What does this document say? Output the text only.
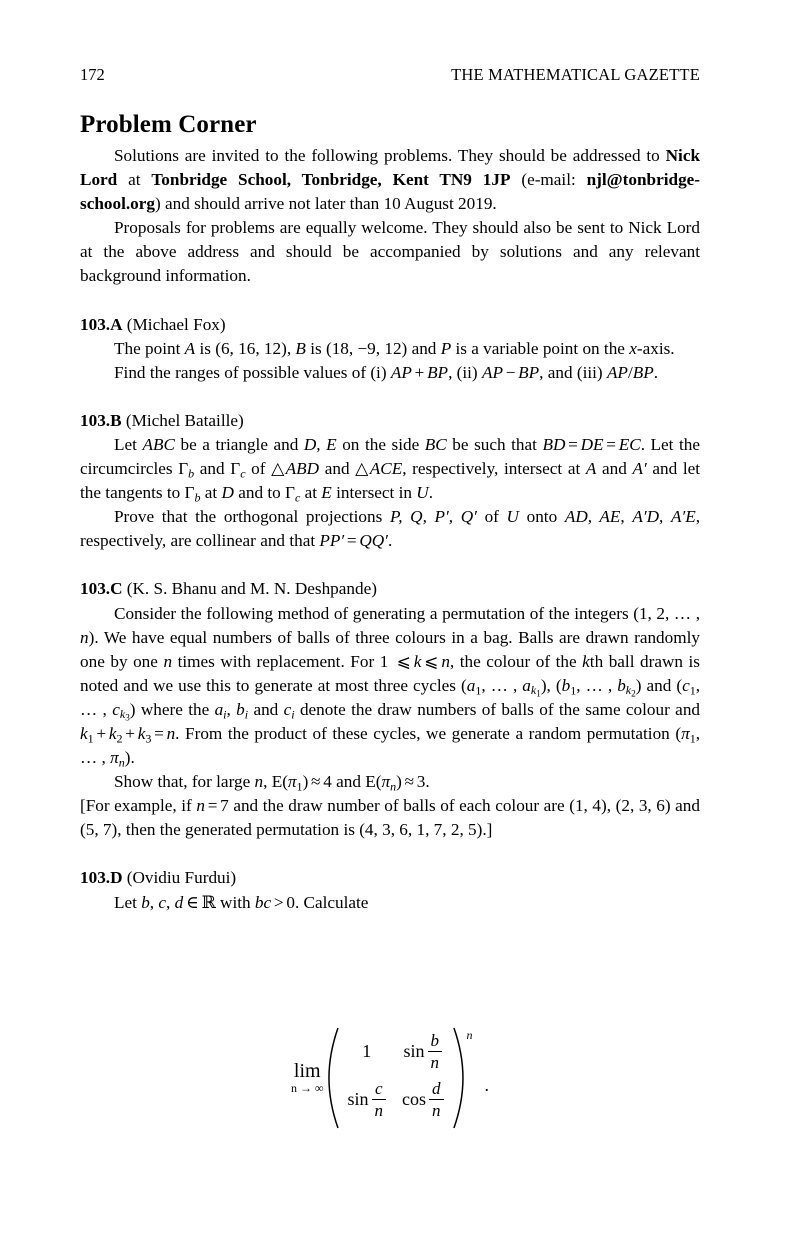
172	THE MATHEMATICAL GAZETTE
Problem Corner

Solutions are invited to the following problems. They should be addressed to Nick Lord at Tonbridge School, Tonbridge, Kent TN9 1JP (e-mail: njl@tonbridge-school.org) and should arrive not later than 10 August 2019.

Proposals for problems are equally welcome. They should also be sent to Nick Lord at the above address and should be accompanied by solutions and any relevant background information.

103.A (Michael Fox)

The point A is (6, 16, 12), B is (18, −9, 12) and P is a variable point on the x-axis.

Find the ranges of possible values of (i) AP + BP, (ii) AP − BP, and (iii) AP/BP.

103.B (Michel Bataille)

Let ABC be a triangle and D, E on the side BC be such that BD = DE = EC. Let the circumcircles $\Gamma_b$ and $\Gamma_c$ of △ABD and △ACE, respectively, intersect at A and A′ and let the tangents to $\Gamma_b$ at D and to $\Gamma_c$ at E intersect in U.

Prove that the orthogonal projections P, Q, P′, Q′ of U onto AD, AE, A′D, A′E, respectively, are collinear and that PP′ = QQ′.

103.C (K. S. Bhanu and M. N. Deshpande)

Consider the following method of generating a permutation of the integers (1, 2, … , n). We have equal numbers of balls of three colours in a bag. Balls are drawn randomly one by one n times with replacement. For 1 ⩽ k ⩽ n, the colour of the kth ball drawn is noted and we use this to generate at most three cycles ($a_1$, … , $a_{k_1}$), ($b_1$, … , $b_{k_2}$) and ($c_1$, … , $c_{k_3}$) where the $a_i$, $b_i$ and $c_i$ denote the draw numbers of balls of the same colour and $k_1 + k_2 + k_3 = n$. From the product of these cycles, we generate a random permutation ($\pi_1$, … , $\pi_n$).

Show that, for large n, $E(\pi_1) \approx 4$ and $E(\pi_n) \approx 3$.

[For example, if n = 7 and the draw number of balls of each colour are (1, 4), (2, 3, 6) and (5, 7), then the generated permutation is (4, 3, 6, 1, 7, 2, 5).]

103.D (Ovidiu Furdui)

Let b, c, d ∈ ℝ with bc > 0. Calculate

lim
n → ∞
1 $\sin \frac{b}{n}$
$\sin \frac{c}{n}$ $\cos \frac{d}{n}$
n
.
